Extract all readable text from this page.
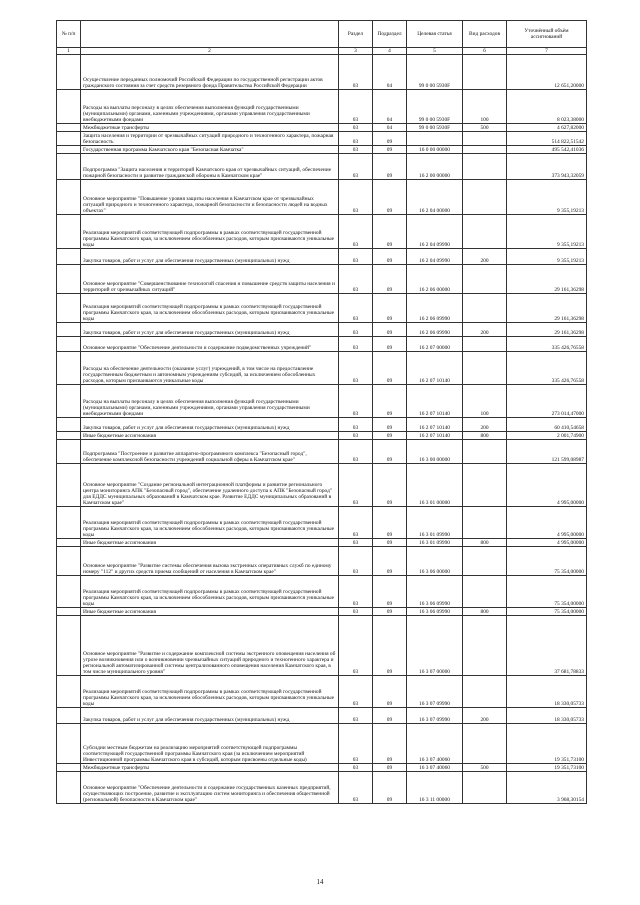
№ п/п		Раздел	Подраздел	Целевая статья	Вид расходов	Уточнённый объём ассигнований
1	2	3	4	5	6	7
	Осуществление переданных полномочий Российской Федерации по государственной регистрации актов гражданского состояния за счет средств резервного фонда Правительства Российской Федерации	03	04	99 0 00 5930F		12 651,20000
	Расходы на выплаты персоналу в целях обеспечения выполнения функций государственными (муниципальными) органами, казенными учреждениями, органами управления государственными внебюджетными фондами	03	04	99 0 00 5930F	100	8 023,38000
	Межбюджетные трансферты	03	04	99 0 00 5930F	500	4 627,82000
	Защита населения и территории от чрезвычайных ситуаций природного и техногенного характера, пожарная безопасность	03	09			514 822,51542
	Государственная программа Камчатского края "Безопасная Камчатка"	03	09	16 0 00 00000		495 542,41036
	Подпрограмма "Защита населения и территорий Камчатского края от чрезвычайных ситуаций, обеспечение пожарной безопасности и развитие гражданской обороны в Камчатском крае"	03	09	16 2 00 00000		373 943,32059
	Основное мероприятие "Повышение уровня защиты населения в Камчатском крае от чрезвычайных ситуаций природного и техногенного характера, пожарной безопасности и безопасности людей на водных объектах"	03	09	16 2 04 00000		9 355,19213
	Реализация мероприятий соответствующей подпрограммы в рамках соответствующей государственной программы Камчатского края, за исключением обособленных расходов, которым присваиваются уникальные коды	03	09	16 2 04 09990		9 355,19213
	Закупка товаров, работ и услуг для обеспечения государственных (муниципальных) нужд	03	09	16 2 04 09990	200	9 355,19213
	Основное мероприятие "Совершенствование технологий спасения и повышение средств защиты населения и территорий от чрезвычайных ситуаций"	03	09	16 2 06 00000		29 161,36298
	Реализация мероприятий соответствующей подпрограммы в рамках соответствующей государственной программы Камчатского края, за исключением обособленных расходов, которым присваиваются уникальные коды	03	09	16 2 06 09990		29 161,36298
	Закупка товаров, работ и услуг для обеспечения государственных (муниципальных) нужд	03	09	16 2 06 09990	200	29 161,36298
	Основное мероприятие "Обеспечение деятельности и содержание подведомственных учреждений"	03	09	16 2 07 00000		335 426,76558
	Расходы на обеспечение деятельности (оказание услуг) учреждений, в том числе на предоставление государственным бюджетным и автономным учреждениям субсидий, за исключением обособленных расходов, которым присваиваются уникальные коды	03	09	16 2 07 10140		335 426,76558
	Расходы на выплаты персоналу в целях обеспечения выполнения функций государственными (муниципальными) органами, казенными учреждениями, органами управления государственными внебюджетными фондами	03	09	16 2 07 10140	100	273 014,47000
	Закупка товаров, работ и услуг для обеспечения государственных (муниципальных) нужд	03	09	16 2 07 10140	200	60 410,54658
	Иные бюджетные ассигнования	03	09	16 2 07 10140	800	2 001,74900
	Подпрограмма "Построение и развитие аппаратно-программного комплекса "Безопасный город", обеспечение комплексной безопасности учреждений социальной сферы в Камчатском крае"	03	09	16 3 00 00000		121 599,08987
	Основное мероприятие "Создание региональной интеграционной платформы и развитие регионального центра мониторинга АПК "Безопасный город", обеспечение удаленного доступа к АПК "Безопасный город" для ЕДДС муниципальных образований в Камчатском крае. Развитие ЕДДС муниципальных образований в Камчатском крае"	03	09	16 3 01 00000		4 995,00000
	Реализация мероприятий соответствующей подпрограммы в рамках соответствующей государственной программы Камчатского края, за исключением обособленных расходов, которым присваиваются уникальные коды	03	09	16 3 01 09990		4 995,00000
	Иные бюджетные ассигнования	03	09	16 3 01 09990	800	4 995,00000
	Основное мероприятие "Развитие системы обеспечения вызова экстренных оперативных служб по единому номеру "112" и других средств приема сообщений от населения в Камчатском крае"	03	09	16 3 06 00000		75 354,00000
	Реализация мероприятий соответствующей подпрограммы в рамках соответствующей государственной программы Камчатского края, за исключением обособленных расходов, которым присваиваются уникальные коды	03	09	16 3 06 09990		75 354,00000
	Иные бюджетные ассигнования	03	09	16 3 06 09990	800	75 354,00000
	Основное мероприятие "Развитие и содержание комплексной системы экстренного оповещения населения об угрозе возникновения или о возникновении чрезвычайных ситуаций природного и техногенного характера и региональной автоматизированной системы централизованного оповещения населения Камчатского края, в том числе муниципального уровня"	03	09	16 3 07 00000		37 681,78833
	Реализация мероприятий соответствующей подпрограммы в рамках соответствующей государственной программы Камчатского края, за исключением обособленных расходов, которым присваиваются уникальные коды	03	09	16 3 07 09990		18 330,05733
	Закупка товаров, работ и услуг для обеспечения государственных (муниципальных) нужд	03	09	16 3 07 09990	200	18 330,05733
	Субсидии местным бюджетам на реализацию мероприятий соответствующей подпрограммы соответствующей государственной программы Камчатского края (за исключением мероприятий Инвестиционной программы Камчатского края в субсидий, которым присвоены отдельные коды)	03	09	16 3 07 40060		19 351,73100
	Межбюджетные трансферты	03	09	16 3 07 40060	500	19 351,73100
	Основное мероприятие "Обеспечение деятельности и содержание государственных казенных предприятий, осуществляющих построение, развитие и эксплуатацию систем мониторинга и обеспечения общественной (региональной) безопасности в Камчатском крае"	03	09	16 3 11 00000		3 968,30154
14
